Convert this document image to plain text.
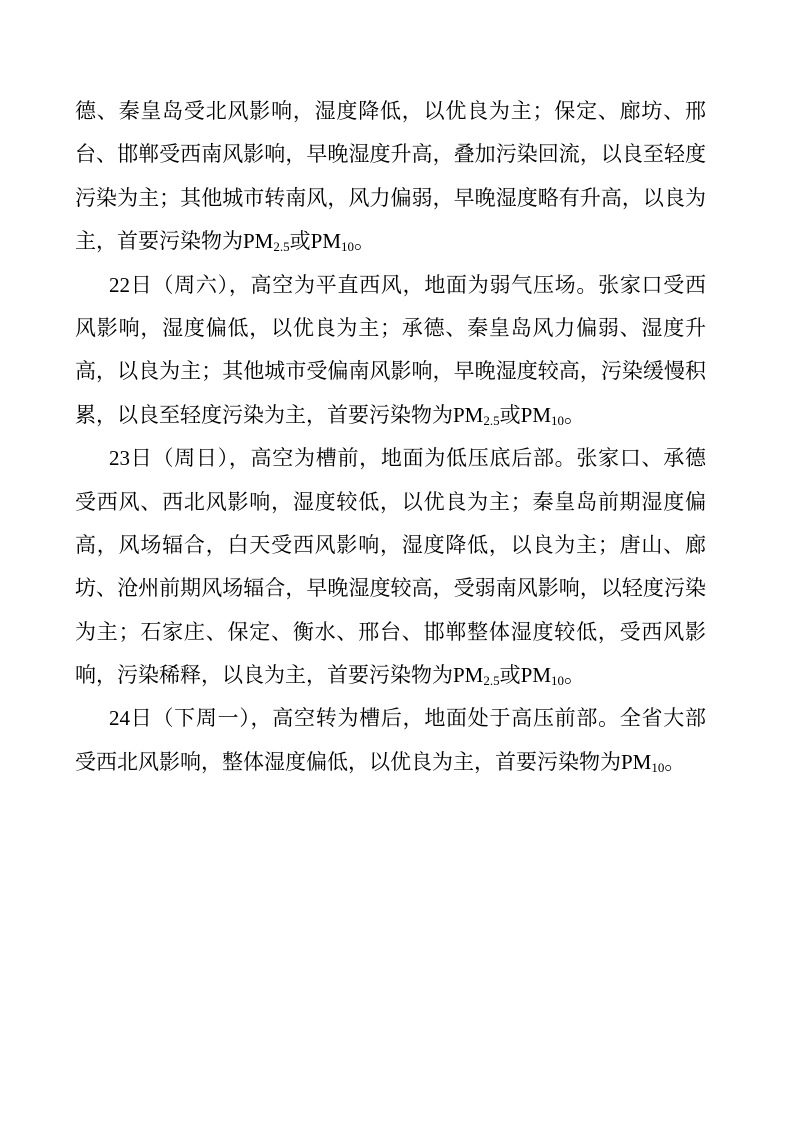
德、秦皇岛受北风影响，湿度降低，以优良为主；保定、廊坊、邢
台、邯郸受西南风影响，早晚湿度升高，叠加污染回流，以良至轻度
污染为主；其他城市转南风，风力偏弱，早晚湿度略有升高，以良为
主，首要污染物为$PM_{2.5}$或$PM_{10}$。
22日（周六），高空为平直西风，地面为弱气压场。张家口受西
风影响，湿度偏低，以优良为主；承德、秦皇岛风力偏弱、湿度升
高，以良为主；其他城市受偏南风影响，早晚湿度较高，污染缓慢积
累，以良至轻度污染为主，首要污染物为$PM_{2.5}$或$PM_{10}$。
23日（周日），高空为槽前，地面为低压底后部。张家口、承德
受西风、西北风影响，湿度较低，以优良为主；秦皇岛前期湿度偏
高，风场辐合，白天受西风影响，湿度降低，以良为主；唐山、廊
坊、沧州前期风场辐合，早晚湿度较高，受弱南风影响，以轻度污染
为主；石家庄、保定、衡水、邢台、邯郸整体湿度较低，受西风影
响，污染稀释，以良为主，首要污染物为$PM_{2.5}$或$PM_{10}$。
24日（下周一），高空转为槽后，地面处于高压前部。全省大部
受西北风影响，整体湿度偏低，以优良为主，首要污染物为$PM_{10}$。
